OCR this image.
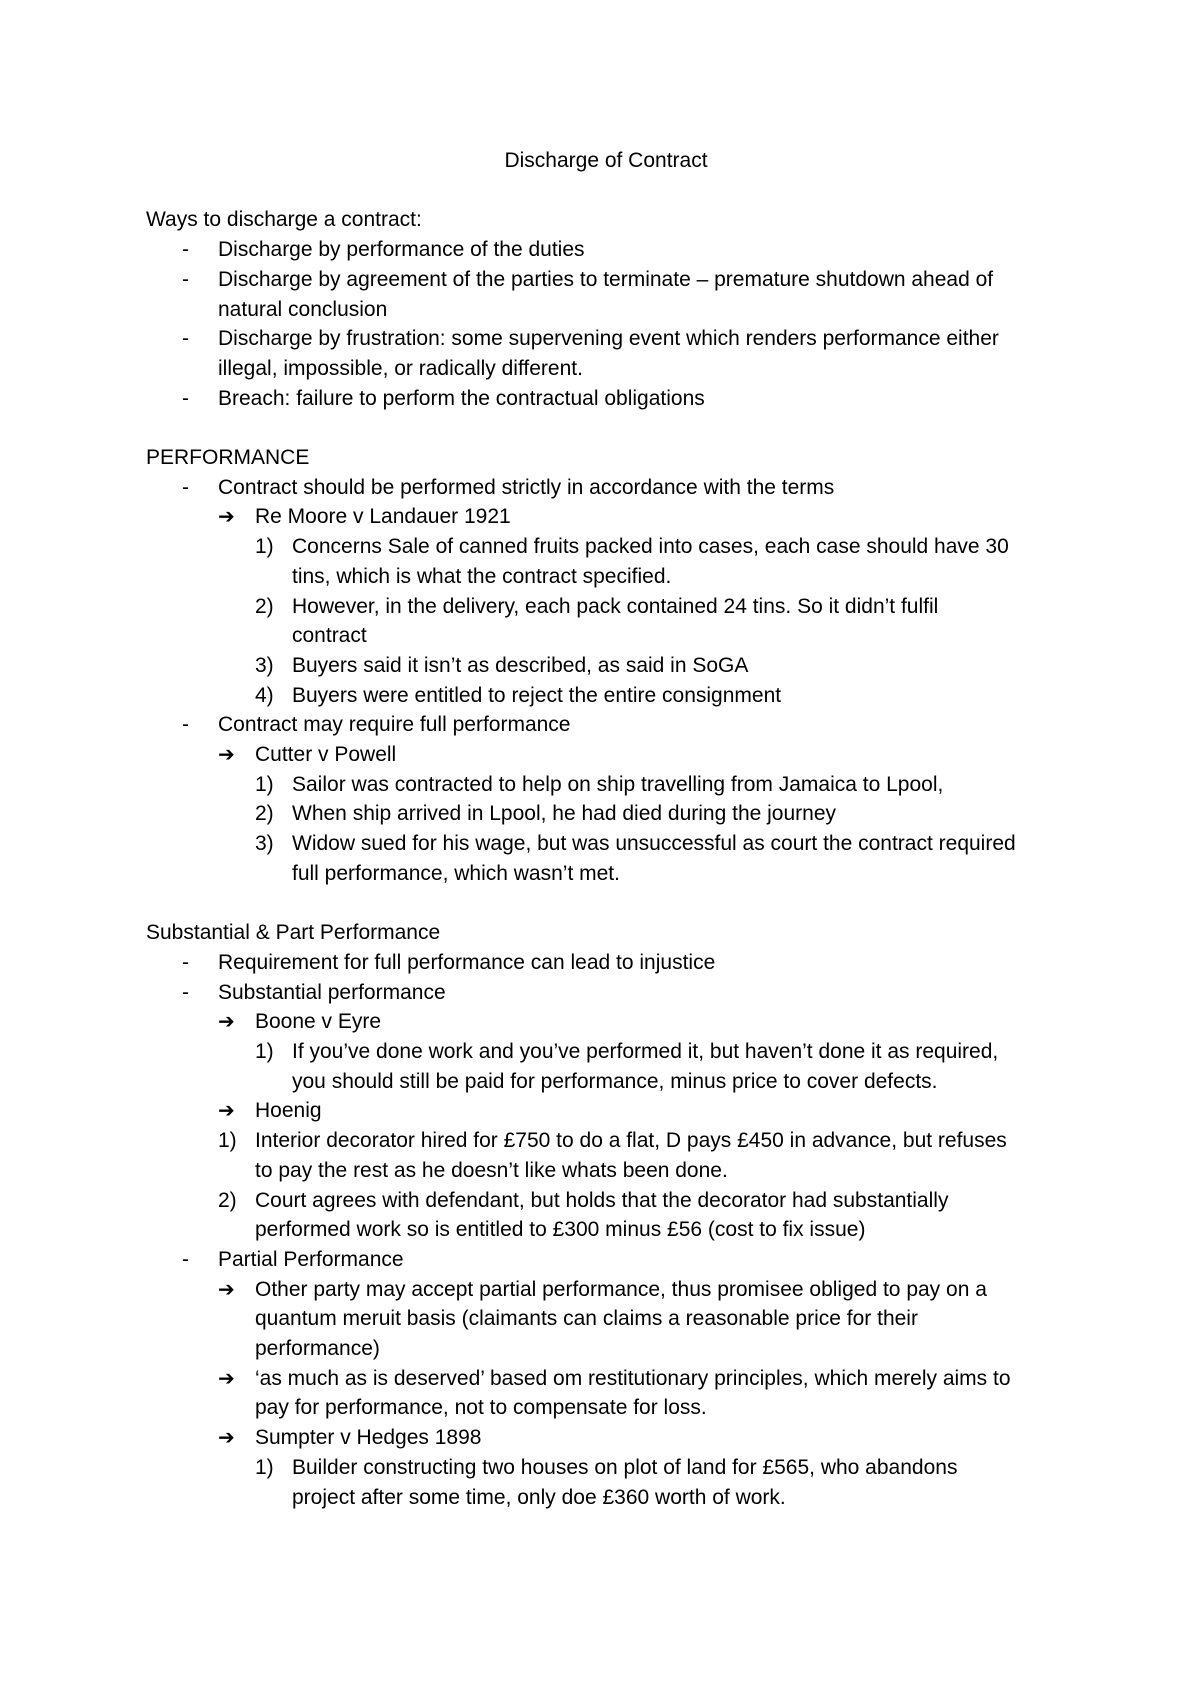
Discharge of Contract
Ways to discharge a contract:
-	Discharge by performance of the duties
-	Discharge by agreement of the parties to terminate – premature shutdown ahead of
natural conclusion
-	Discharge by frustration: some supervening event which renders performance either
illegal, impossible, or radically different.
-	Breach: failure to perform the contractual obligations
PERFORMANCE
-	Contract should be performed strictly in accordance with the terms
➔ Re Moore v Landauer 1921
1) Concerns Sale of canned fruits packed into cases, each case should have 30
tins, which is what the contract specified.
2) However, in the delivery, each pack contained 24 tins. So it didn’t fulfil
contract
3) Buyers said it isn’t as described, as said in SoGA
4) Buyers were entitled to reject the entire consignment
-	Contract may require full performance
➔ Cutter v Powell
1) Sailor was contracted to help on ship travelling from Jamaica to Lpool,
2) When ship arrived in Lpool, he had died during the journey
3) Widow sued for his wage, but was unsuccessful as court the contract required
full performance, which wasn’t met.
Substantial & Part Performance
-	Requirement for full performance can lead to injustice
-	Substantial performance
➔ Boone v Eyre
1) If you’ve done work and you’ve performed it, but haven’t done it as required,
you should still be paid for performance, minus price to cover defects.
➔ Hoenig
1) Interior decorator hired for £750 to do a flat, D pays £450 in advance, but refuses
to pay the rest as he doesn’t like whats been done.
2) Court agrees with defendant, but holds that the decorator had substantially
performed work so is entitled to £300 minus £56 (cost to fix issue)
-	Partial Performance
➔ Other party may accept partial performance, thus promisee obliged to pay on a
quantum meruit basis (claimants can claims a reasonable price for their
performance)
➔ ‘as much as is deserved’ based om restitutionary principles, which merely aims to
pay for performance, not to compensate for loss.
➔ Sumpter v Hedges 1898
1) Builder constructing two houses on plot of land for £565, who abandons
project after some time, only doe £360 worth of work.
